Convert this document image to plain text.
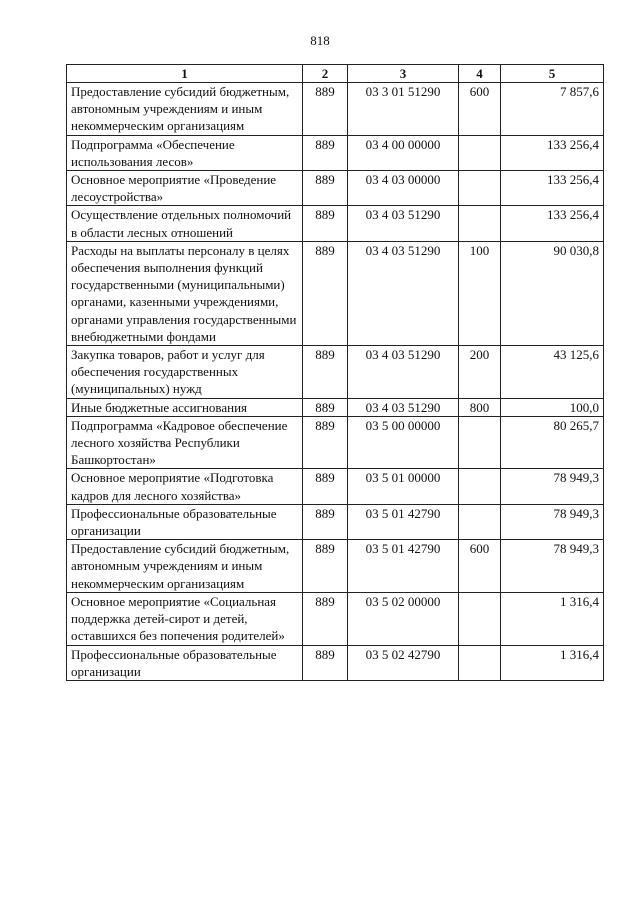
818
1	2	3	4	5
Предоставление субсидий бюджетным, автономным учреждениям и иным некоммерческим организациям	889	03 3 01 51290	600	7 857,6
Подпрограмма «Обеспечение использования лесов»	889	03 4 00 00000		133 256,4
Основное мероприятие «Проведение лесоустройства»	889	03 4 03 00000		133 256,4
Осуществление отдельных полномочий в области лесных отношений	889	03 4 03 51290		133 256,4
Расходы на выплаты персоналу в целях обеспечения выполнения функций государственными (муниципальными) органами, казенными учреждениями, органами управления государственными внебюджетными фондами	889	03 4 03 51290	100	90 030,8
Закупка товаров, работ и услуг для обеспечения государственных (муниципальных) нужд	889	03 4 03 51290	200	43 125,6
Иные бюджетные ассигнования	889	03 4 03 51290	800	100,0
Подпрограмма «Кадровое обеспечение лесного хозяйства Республики Башкортостан»	889	03 5 00 00000		80 265,7
Основное мероприятие «Подготовка кадров для лесного хозяйства»	889	03 5 01 00000		78 949,3
Профессиональные образовательные организации	889	03 5 01 42790		78 949,3
Предоставление субсидий бюджетным, автономным учреждениям и иным некоммерческим организациям	889	03 5 01 42790	600	78 949,3
Основное мероприятие «Социальная поддержка детей-сирот и детей, оставшихся без попечения родителей»	889	03 5 02 00000		1 316,4
Профессиональные образовательные организации	889	03 5 02 42790		1 316,4
